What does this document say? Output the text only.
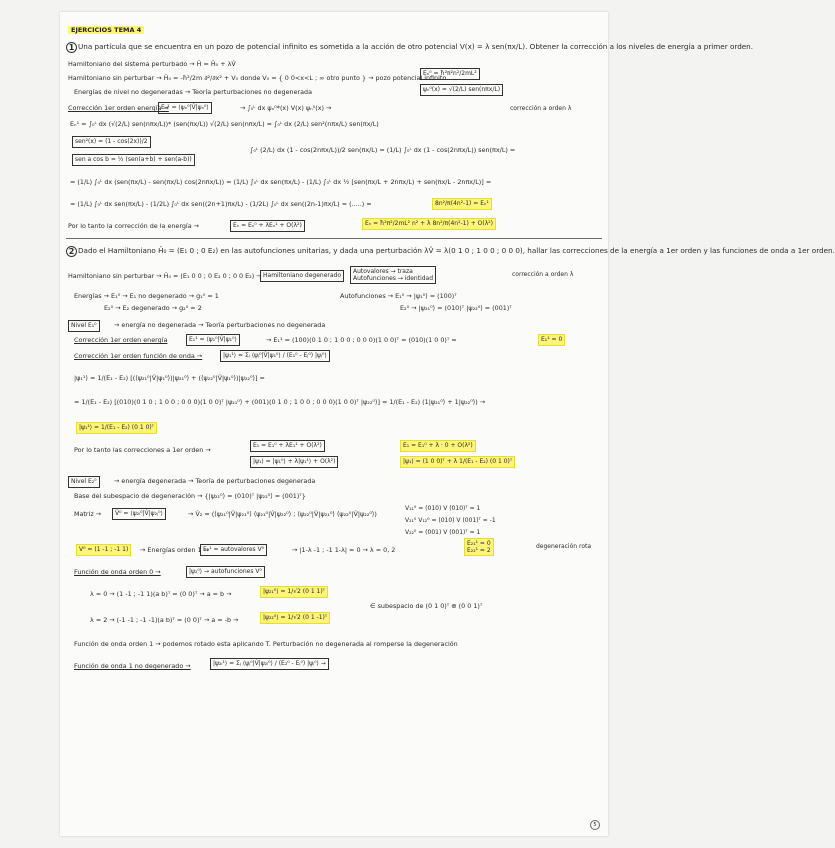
EJERCICIOS TEMA 4
1 Una partícula que se encuentra en un pozo de potencial infinito es sometida a la acción de otro potencial V(x) = λ sen(πx/L). Obtener la corrección a los niveles de energía a primer orden.
Hamiltoniano del sistema perturbado → Ĥ = Ĥ₀ + λV̂
Hamiltoniano sin perturbar → Ĥ₀ = -ħ²/2m ∂²/∂x² + V₀ donde V₀ = { 0 0<x<L ; ∞ otro punto } → pozo potencial infinito
Eₙ⁰ = ħ²π²n²/2mL²
ψₙ⁰(x) = √(2/L) sen(nπx/L)
Energías de nivel no degeneradas → Teoría perturbaciones no degenerada
Corrección 1er orden energía →
Eₙ¹ = ⟨ψₙ⁰|V̂|ψₙ⁰⟩	→ ∫₀ᴸ dx ψₙ⁰*(x) V(x) ψₙ⁰(x) →	corrección a orden λ
Eₙ¹ = ∫₀ᴸ dx (√(2/L) sen(nπx/L))* (sen(πx/L)) √(2/L) sen(nπx/L) = ∫₀ᴸ dx (2/L) sen²(nπx/L) sen(πx/L)
sen²(x) = (1 - cos(2x))/2
sen a cos b = ½ (sen(a+b) + sen(a-b))
∫₀ᴸ (2/L) dx (1 - cos(2nπx/L))/2 sen(πx/L) = (1/L) ∫₀ᴸ dx (1 - cos(2nπx/L)) sen(πx/L) =
= (1/L) ∫₀ᴸ dx (sen(πx/L) - sen(πx/L) cos(2nπx/L)) = (1/L) ∫₀ᴸ dx sen(πx/L) - (1/L) ∫₀ᴸ dx ½ [sen(πx/L + 2nπx/L) + sen(πx/L - 2nπx/L)] =
= (1/L) ∫₀ᴸ dx sen(πx/L) - (1/2L) ∫₀ᴸ dx sen((2n+1)πx/L) - (1/2L) ∫₀ᴸ dx sen((2n-1)πx/L) = (.....) =	8n²/π(4n²-1) = Eₙ¹
Por lo tanto la corrección de la energía →	Eₙ = Eₙ⁰ + λEₙ¹ + O(λ²)	Eₙ = ħ²π²/2mL² n² + λ 8n²/π(4n²-1) + O(λ²)
2 Dado el Hamiltoniano Ĥ₀ = (E₁ 0 ; 0 E₂) en las autofunciones unitarias, y dada una perturbación λV̂ = λ(0 1 0 ; 1 0 0 ; 0 0 0), hallar las correcciones de la energía a 1er orden y las funciones de onda a 1er orden.
Hamiltoniano sin perturbar → Ĥ₀ = (E₁ 0 0 ; 0 E₂ 0 ; 0 0 E₂) → Hamiltoniano degenerado
Autovalores → traza
Autofunciones → identidad
corrección a orden λ
Energías → E₁⁰ → E₁ no degenerado → g₁⁰ = 1
E₂⁰ → E₂ degenerado → g₂⁰ = 2
Autofunciones → E₁⁰ → |ψ₁⁰⟩ = (100)ᵀ
E₂⁰ → |ψ₂₁⁰⟩ = (010)ᵀ |ψ₂₂⁰⟩ = (001)ᵀ
Nivel E₁⁰	→ energía no degenerada → Teoría perturbaciones no degenerada
Corrección 1er orden energía	E₁¹ = ⟨ψ₁⁰|V̂|ψ₁⁰⟩	→ E₁¹ = (100)(0 1 0 ; 1 0 0 ; 0 0 0)(1 0 0)ᵀ = (010)(1 0 0)ᵀ =	E₁¹ = 0
Corrección 1er orden función de onda →	|ψ₁¹⟩ = Σⱼ ⟨ψⱼ⁰|V̂|ψ₁⁰⟩ / (E₁⁰ - Eⱼ⁰) |ψⱼ⁰⟩
|ψ₁¹⟩ = 1/(E₁ - E₂) [(⟨ψ₂₁⁰|V̂|ψ₁⁰⟩)|ψ₂₁⁰⟩ + (⟨ψ₂₂⁰|V̂|ψ₁⁰⟩)|ψ₂₂⁰⟩] =
= 1/(E₁ - E₂) [(010)(0 1 0 ; 1 0 0 ; 0 0 0)(1 0 0)ᵀ |ψ₂₁⁰⟩ + (001)(0 1 0 ; 1 0 0 ; 0 0 0)(1 0 0)ᵀ |ψ₂₂⁰⟩] = 1/(E₁ - E₂) (1|ψ₂₁⁰⟩ + 1|ψ₂₂⁰⟩) →
|ψ₁¹⟩ = 1/(E₁ - E₂) (0 1 0)ᵀ
Por lo tanto las correcciones a 1er orden →
E₁ = E₁⁰ + λE₁¹ + O(λ²)	E₁ = E₁⁰ + λ · 0 + O(λ²)
|ψ₁⟩ = |ψ₁⁰⟩ + λ|ψ₁¹⟩ + O(λ²)	|ψ₁⟩ = (1 0 0)ᵀ + λ 1/(E₁ - E₂) (0 1 0)ᵀ
Nivel E₂⁰	→ energía degenerada → Teoría de perturbaciones degenerada
Base del subespacio de degeneración → {|ψ₂₁⁰⟩ = (010)ᵀ |ψ₂₂⁰⟩ = (001)ᵀ}
Matriz →	V̂⁰ = ⟨ψ₂ᵢ⁰|V̂|ψ₂ⱼ⁰⟩	→ V̂₂ = (⟨ψ₂₁⁰|V̂|ψ₂₁⁰⟩ ⟨ψ₂₁⁰|V̂|ψ₂₂⁰⟩ ; ⟨ψ₂₂⁰|V̂|ψ₂₁⁰⟩ ⟨ψ₂₂⁰|V̂|ψ₂₂⁰⟩)
V₁₁⁰ = (010) V (010)ᵀ = 1
V₂₁⁰ V₁₂⁰ = (010) V (001)ᵀ = -1
V₂₂⁰ = (001) V (001)ᵀ = 1
V⁰ = (1 -1 ; -1 1)	→ Energías orden 1 →
E₂¹ = autovalores V⁰	→ |1-λ -1 ; -1 1-λ| = 0 → λ = 0, 2
E₂₁¹ = 0
E₂₂¹ = 2
degeneración rota
Función de onda orden 0 →	|ψ₂⁰⟩ → autofunciones V⁰
λ = 0 → (1 -1 ; -1 1)(a b)ᵀ = (0 0)ᵀ → a = b →	|ψ₂₁⁰⟩ = 1/√2 (0 1 1)ᵀ
λ = 2 → (-1 -1 ; -1 -1)(a b)ᵀ = (0 0)ᵀ → a = -b →	|ψ₂₂⁰⟩ = 1/√2 (0 1 -1)ᵀ
∈ subespacio de (0 1 0)ᵀ ⊕ (0 0 1)ᵀ
Función de onda orden 1 → podemos rotado esta aplicando T. Perturbación no degenerada al romperse la degeneración
Función de onda 1 no degenerado →	|ψ₂ᵢ¹⟩ = Σⱼ ⟨ψⱼ⁰|V̂|ψ₂ᵢ⁰⟩ / (E₂⁰ - Eⱼ⁰) |ψⱼ⁰⟩ →
5
